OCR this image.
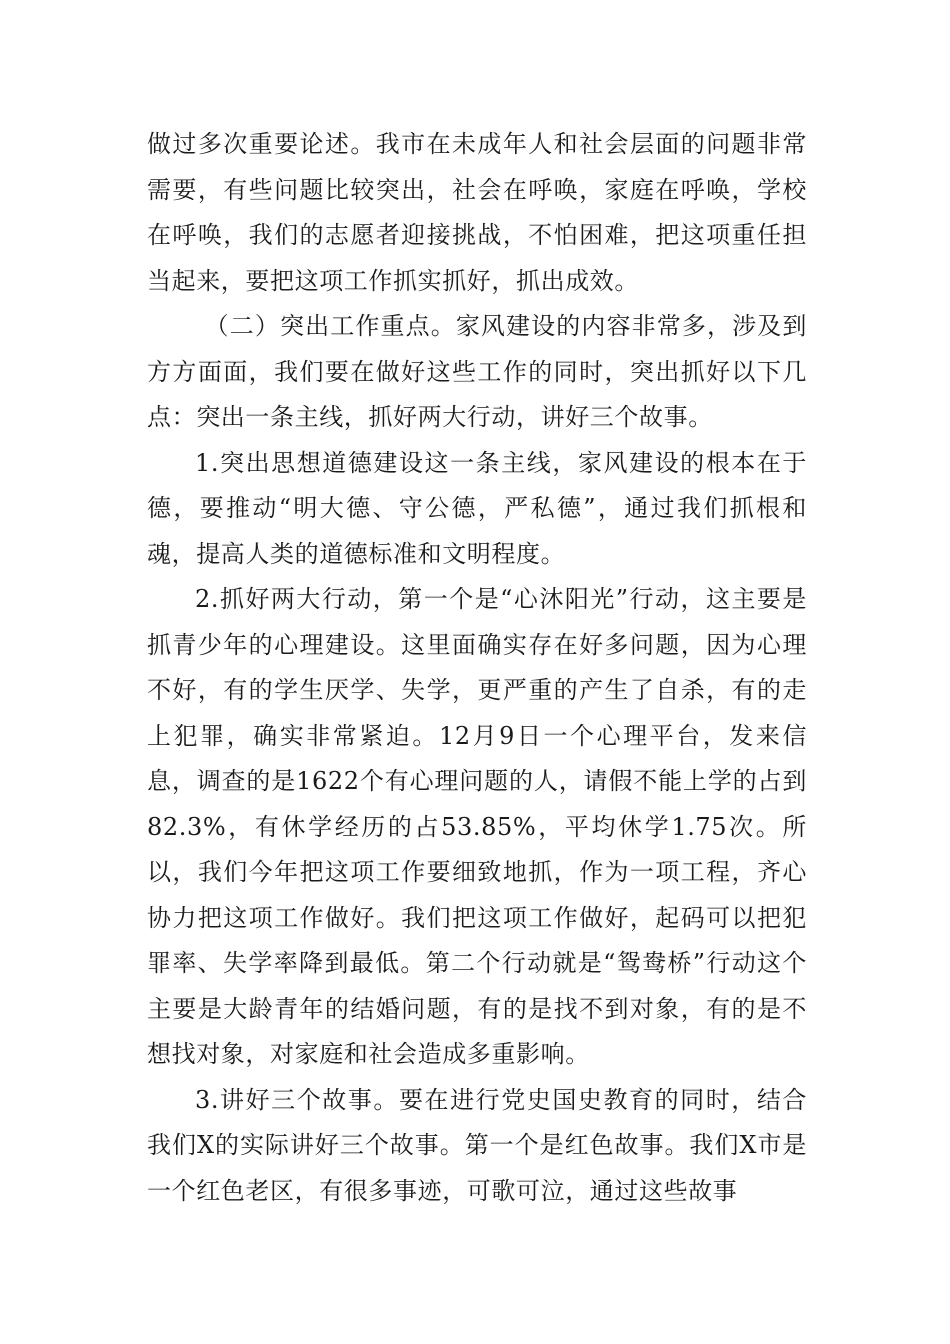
做过多次重要论述。我市在未成年人和社会层面的问题非常需要，有些问题比较突出，社会在呼唤，家庭在呼唤，学校在呼唤，我们的志愿者迎接挑战，不怕困难，把这项重任担当起来，要把这项工作抓实抓好，抓出成效。

（二）突出工作重点。家风建设的内容非常多，涉及到方方面面，我们要在做好这些工作的同时，突出抓好以下几点：突出一条主线，抓好两大行动，讲好三个故事。

1.突出思想道德建设这一条主线，家风建设的根本在于德，要推动“明大德、守公德，严私德”，通过我们抓根和魂，提高人类的道德标准和文明程度。

2.抓好两大行动，第一个是“心沐阳光”行动，这主要是抓青少年的心理建设。这里面确实存在好多问题，因为心理不好，有的学生厌学、失学，更严重的产生了自杀，有的走上犯罪，确实非常紧迫。12月9日一个心理平台，发来信息，调查的是1622个有心理问题的人，请假不能上学的占到82.3%，有休学经历的占53.85%，平均休学1.75次。所以，我们今年把这项工作要细致地抓，作为一项工程，齐心协力把这项工作做好。我们把这项工作做好，起码可以把犯罪率、失学率降到最低。第二个行动就是“鸳鸯桥”行动这个主要是大龄青年的结婚问题，有的是找不到对象，有的是不想找对象，对家庭和社会造成多重影响。

3.讲好三个故事。要在进行党史国史教育的同时，结合我们X的实际讲好三个故事。第一个是红色故事。我们X市是一个红色老区，有很多事迹，可歌可泣，通过这些故事
